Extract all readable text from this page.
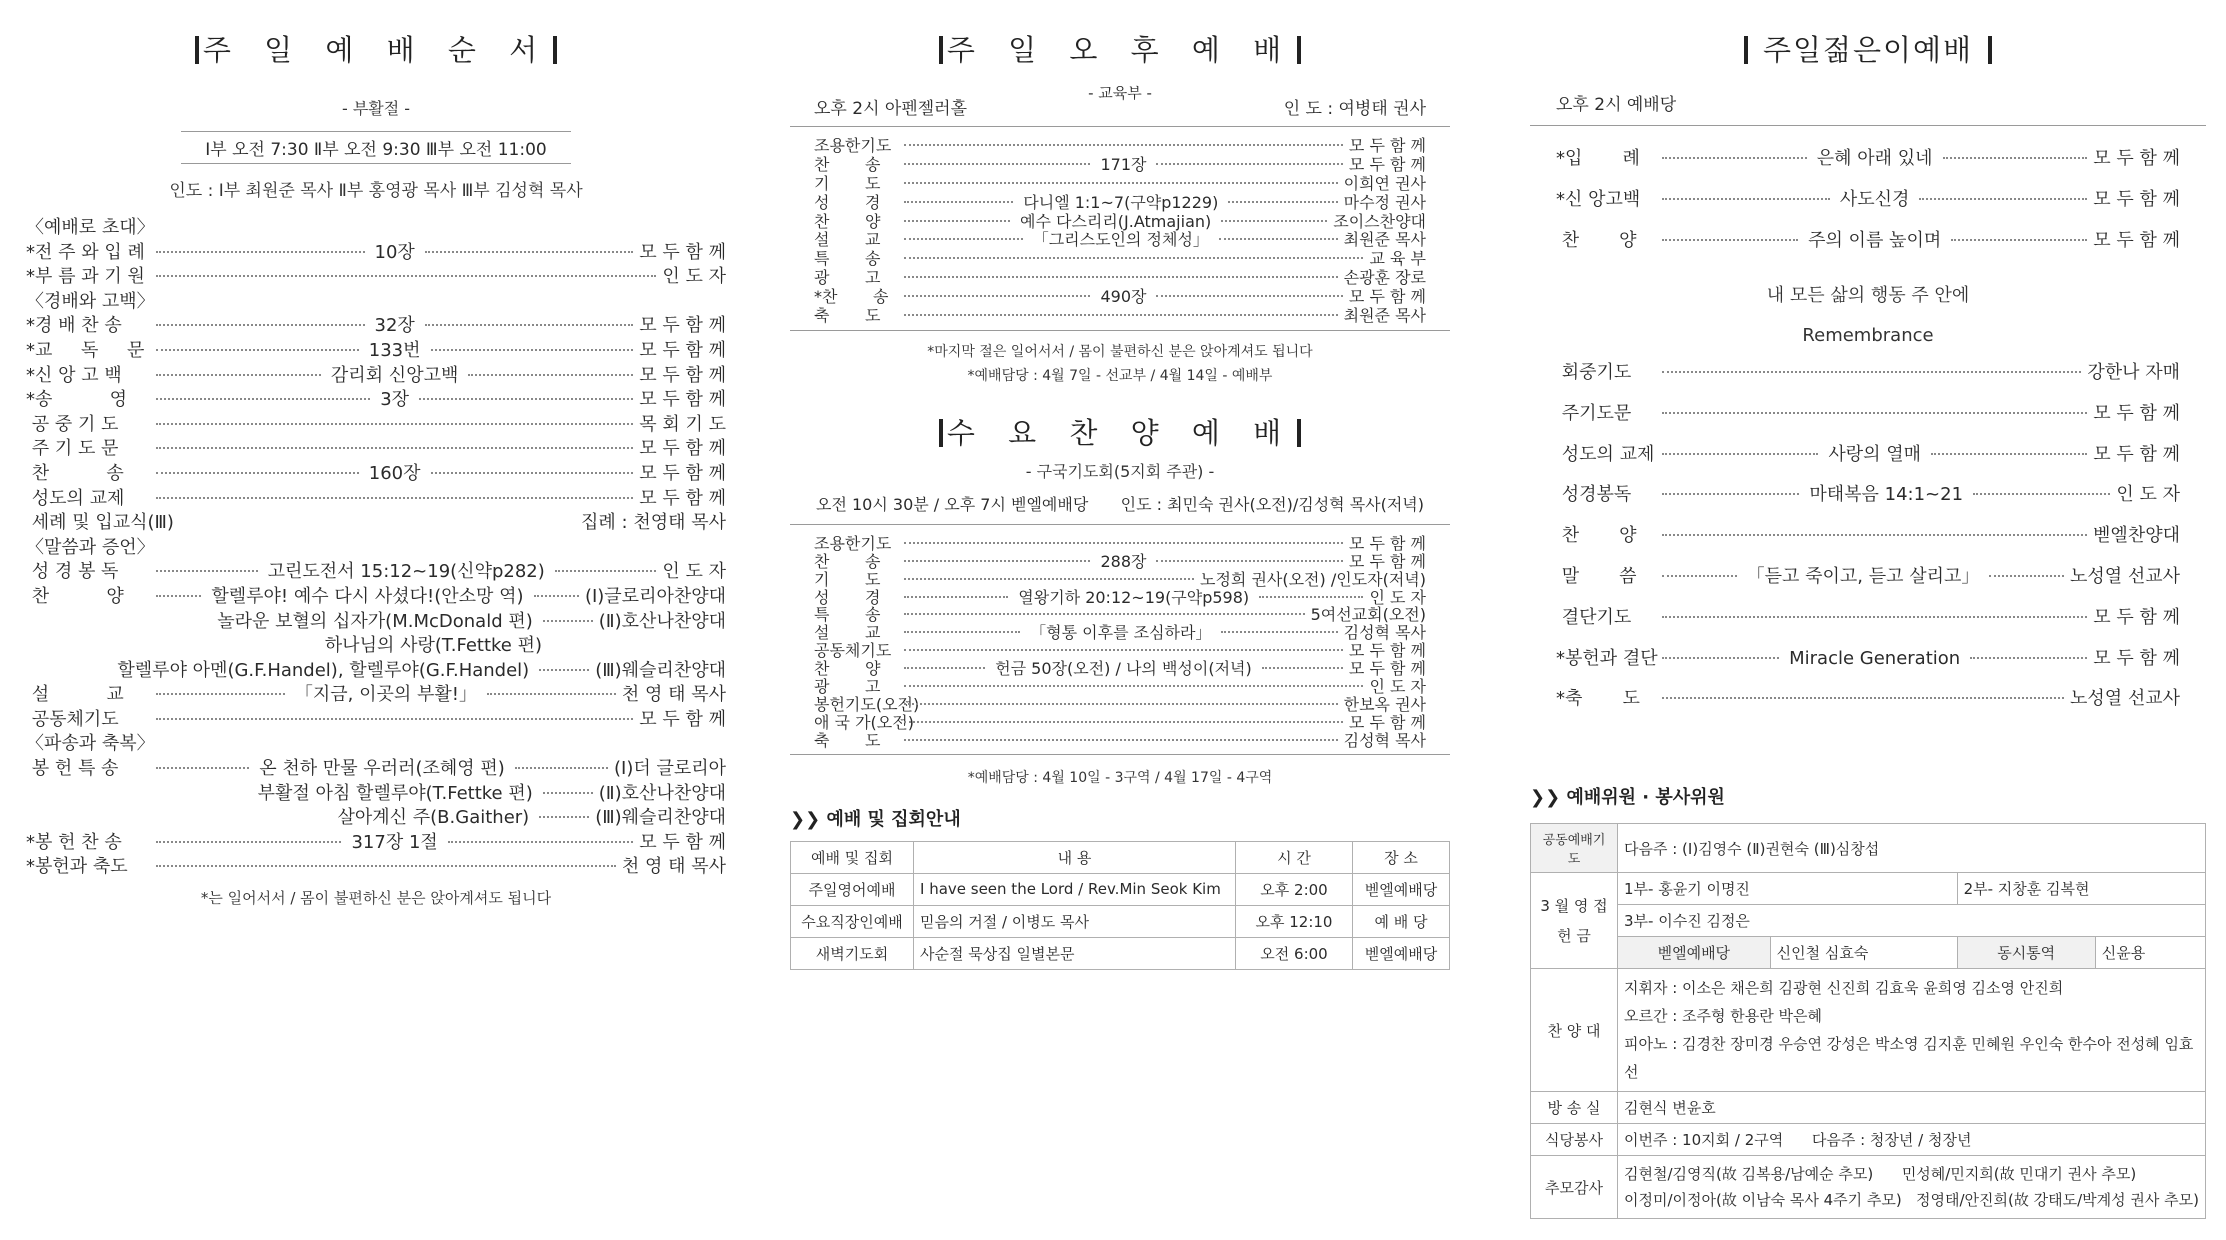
주 일 예 배 순 서
- 부활절 -
Ⅰ부 오전 7:30 Ⅱ부 오전 9:30 Ⅲ부 오전 11:00
인도 : Ⅰ부 최원준 목사 Ⅱ부 홍영광 목사 Ⅲ부 김성혁 목사
〈예배로 초대〉
*전 주 와 입 례	10장	모 두 함 께
*부 름 과 기 원	인 도 자
〈경배와 고백〉
*경 배 찬 송	32장	모 두 함 께
*교     독     문	133번	모 두 함 께
*신 앙 고 백	감리회 신앙고백	모 두 함 께
*송          영	3장	모 두 함 께
공 중 기 도	목 회 기 도
주 기 도 문	모 두 함 께
찬          송	160장	모 두 함 께
성도의 교제	모 두 함 께
세례 및 입교식(Ⅲ)	집례 : 천영태 목사
〈말씀과 증언〉
성 경 봉 독	고린도전서 15:12~19(신약p282)	인 도 자
찬          양	할렐루야! 예수 다시 사셨다!(안소망 역)	(Ⅰ)글로리아찬양대
놀라운 보혈의 십자가(M.McDonald 편)	(Ⅱ)호산나찬양대
하나님의 사랑(T.Fettke 편)
할렐루야 아멘(G.F.Handel), 할렐루야(G.F.Handel)	(Ⅲ)웨슬리찬양대
설          교	「지금, 이곳의 부활!」	천 영 태 목사
공동체기도	모 두 함 께
〈파송과 축복〉
봉 헌 특 송	온 천하 만물 우러러(조혜영 편)	(Ⅰ)더 글로리아
부활절 아침 할렐루야(T.Fettke 편)	(Ⅱ)호산나찬양대
살아계신 주(B.Gaither)	(Ⅲ)웨슬리찬양대
*봉 헌 찬 송	317장 1절	모 두 함 께
*봉헌과 축도	천 영 태 목사
*는 일어서서 / 몸이 불편하신 분은 앉아계셔도 됩니다
주 일 오 후 예 배
오후 2시 아펜젤러홀
- 교육부 -
인 도 : 여병태 권사
조용한기도	모 두 함 께
찬       송	171장	모 두 함 께
기       도	이희연 권사
성       경	다니엘 1:1~7(구약p1229)	마수정 권사
찬       양	예수 다스리리(J.Atmajian)	조이스찬양대
설       교	「그리스도인의 정체성」	최원준 목사
특       송	교 육 부
광       고	손광훈 장로
*찬       송	490장	모 두 함 께
축       도	최원준 목사
*마지막 절은 일어서서 / 몸이 불편하신 분은 앉아계셔도 됩니다
*예배담당 : 4월 7일 - 선교부 / 4월 14일 - 예배부
수 요 찬 양 예 배
- 구국기도회(5지회 주관) -
오전 10시 30분 / 오후 7시 벧엘예배당 인도 : 최민숙 권사(오전)/김성혁 목사(저녁)
조용한기도	모 두 함 께
찬       송	288장	모 두 함 께
기       도	노정희 권사(오전) /인도자(저녁)
성       경	열왕기하 20:12~19(구약p598)	인 도 자
특       송	5여선교회(오전)
설       교	「형통 이후를 조심하라」	김성혁 목사
공동체기도	모 두 함 께
찬       양	헌금 50장(오전) / 나의 백성이(저녁)	모 두 함 께
광       고	인 도 자
봉헌기도(오전)	한보옥 권사
애 국 가(오전)	모 두 함 께
축       도	김성혁 목사
*예배담당 : 4월 10일 - 3구역 / 4월 17일 - 4구역
❯❯ 예배 및 집회안내
예배 및 집회	내 용	시 간	장 소
주일영어예배	I have seen the Lord / Rev.Min Seok Kim	오후 2:00	벧엘예배당
수요직장인예배	믿음의 거절 / 이병도 목사	오후 12:10	예 배 당
새벽기도회	사순절 묵상집 일별본문	오전 6:00	벧엘예배당
주일젊은이예배
오후 2시 예배당
*입       례	은혜 아래 있네	모 두 함 께
*신 앙고백	사도신경	모 두 함 께
찬       양	주의 이름 높이며	모 두 함 께
내 모든 삶의 행동 주 안에
Remembrance
회중기도	강한나 자매
주기도문	모 두 함 께
성도의 교제	사랑의 열매	모 두 함 께
성경봉독	마태복음 14:1~21	인 도 자
찬       양	벧엘찬양대
말       씀	「듣고 죽이고, 듣고 살리고」	노성열 선교사
결단기도	모 두 함 께
*봉헌과 결단	Miracle Generation	모 두 함 께
*축       도	노성열 선교사
❯❯ 예배위원 · 봉사위원
공동예배기도	다음주 : (Ⅰ)김영수 (Ⅱ)권현숙 (Ⅲ)심창섭			
3 월 영 접 헌 금	1부- 홍윤기 이명진		2부- 지창훈 김복현	
	3부- 이수진 김정은			
	벧엘예배당	신인철 심효숙	동시통역	신윤용
찬 양 대	지휘자 : 이소은 채은희 김광현 신진희 김효욱 윤희영 김소영 안진희
오르간 : 조주형 한용란 박은혜
피아노 : 김경찬 장미경 우승연 강성은 박소영 김지훈 민혜원 우인숙 한수아 전성혜 임효선			

방 송 실	김현식 변윤호			
식당봉사	이번주 : 10지회 / 2구역      다음주 : 청장년 / 청장년			
추모감사	김현철/김영직(故 김복용/남예순 추모)      민성혜/민지희(故 민대기 권사 추모)
이정미/이정아(故 이남숙 목사 4주기 추모)   정영태/안진희(故 강태도/박계성 권사 추모)			
